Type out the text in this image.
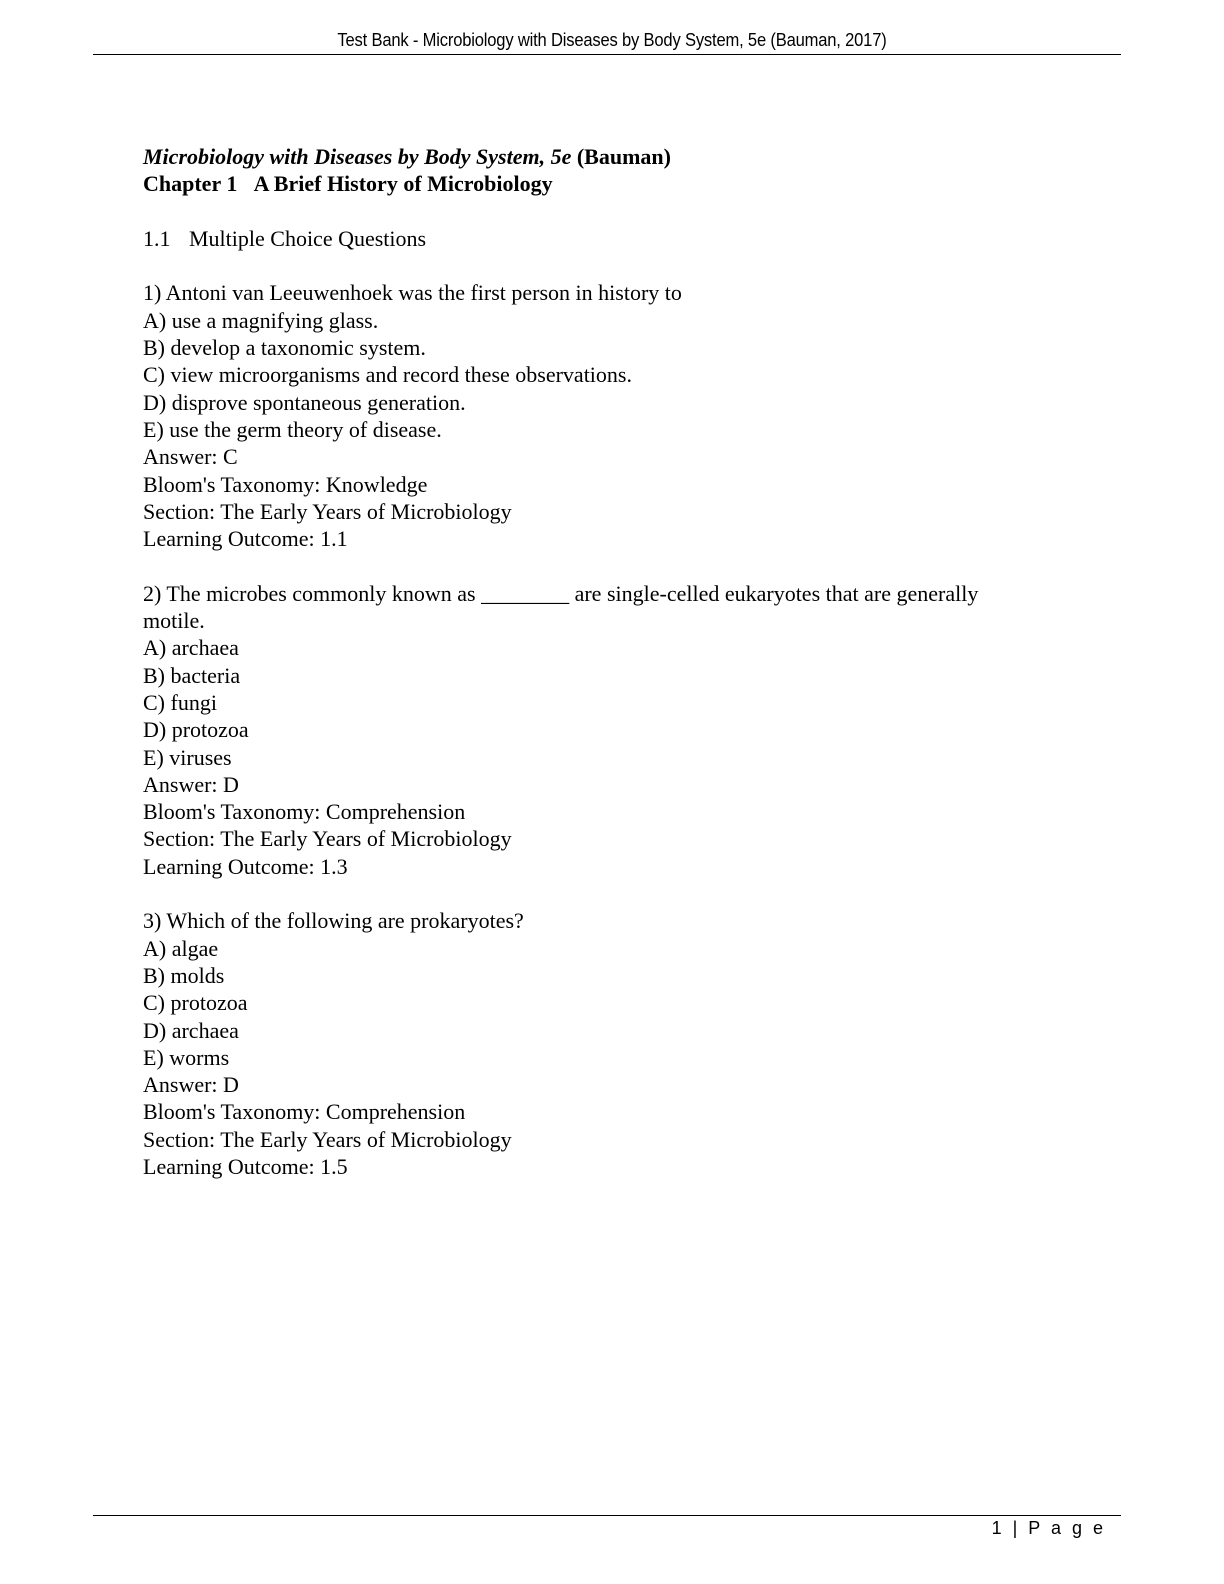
Test Bank - Microbiology with Diseases by Body System, 5e (Bauman, 2017)

Microbiology with Diseases by Body System, 5e (Bauman)

Chapter 1 A Brief History of Microbiology

1.1 Multiple Choice Questions

1) Antoni van Leeuwenhoek was the first person in history to

A) use a magnifying glass.

B) develop a taxonomic system.

C) view microorganisms and record these observations.

D) disprove spontaneous generation.

E) use the germ theory of disease.

Answer: C

Bloom's Taxonomy: Knowledge

Section: The Early Years of Microbiology

Learning Outcome: 1.1

2) The microbes commonly known as ________ are single-celled eukaryotes that are generally

motile.

A) archaea

B) bacteria

C) fungi

D) protozoa

E) viruses

Answer: D

Bloom's Taxonomy: Comprehension

Section: The Early Years of Microbiology

Learning Outcome: 1.3

3) Which of the following are prokaryotes?

A) algae

B) molds

C) protozoa

D) archaea

E) worms

Answer: D

Bloom's Taxonomy: Comprehension

Section: The Early Years of Microbiology

Learning Outcome: 1.5

1 | P a g e
